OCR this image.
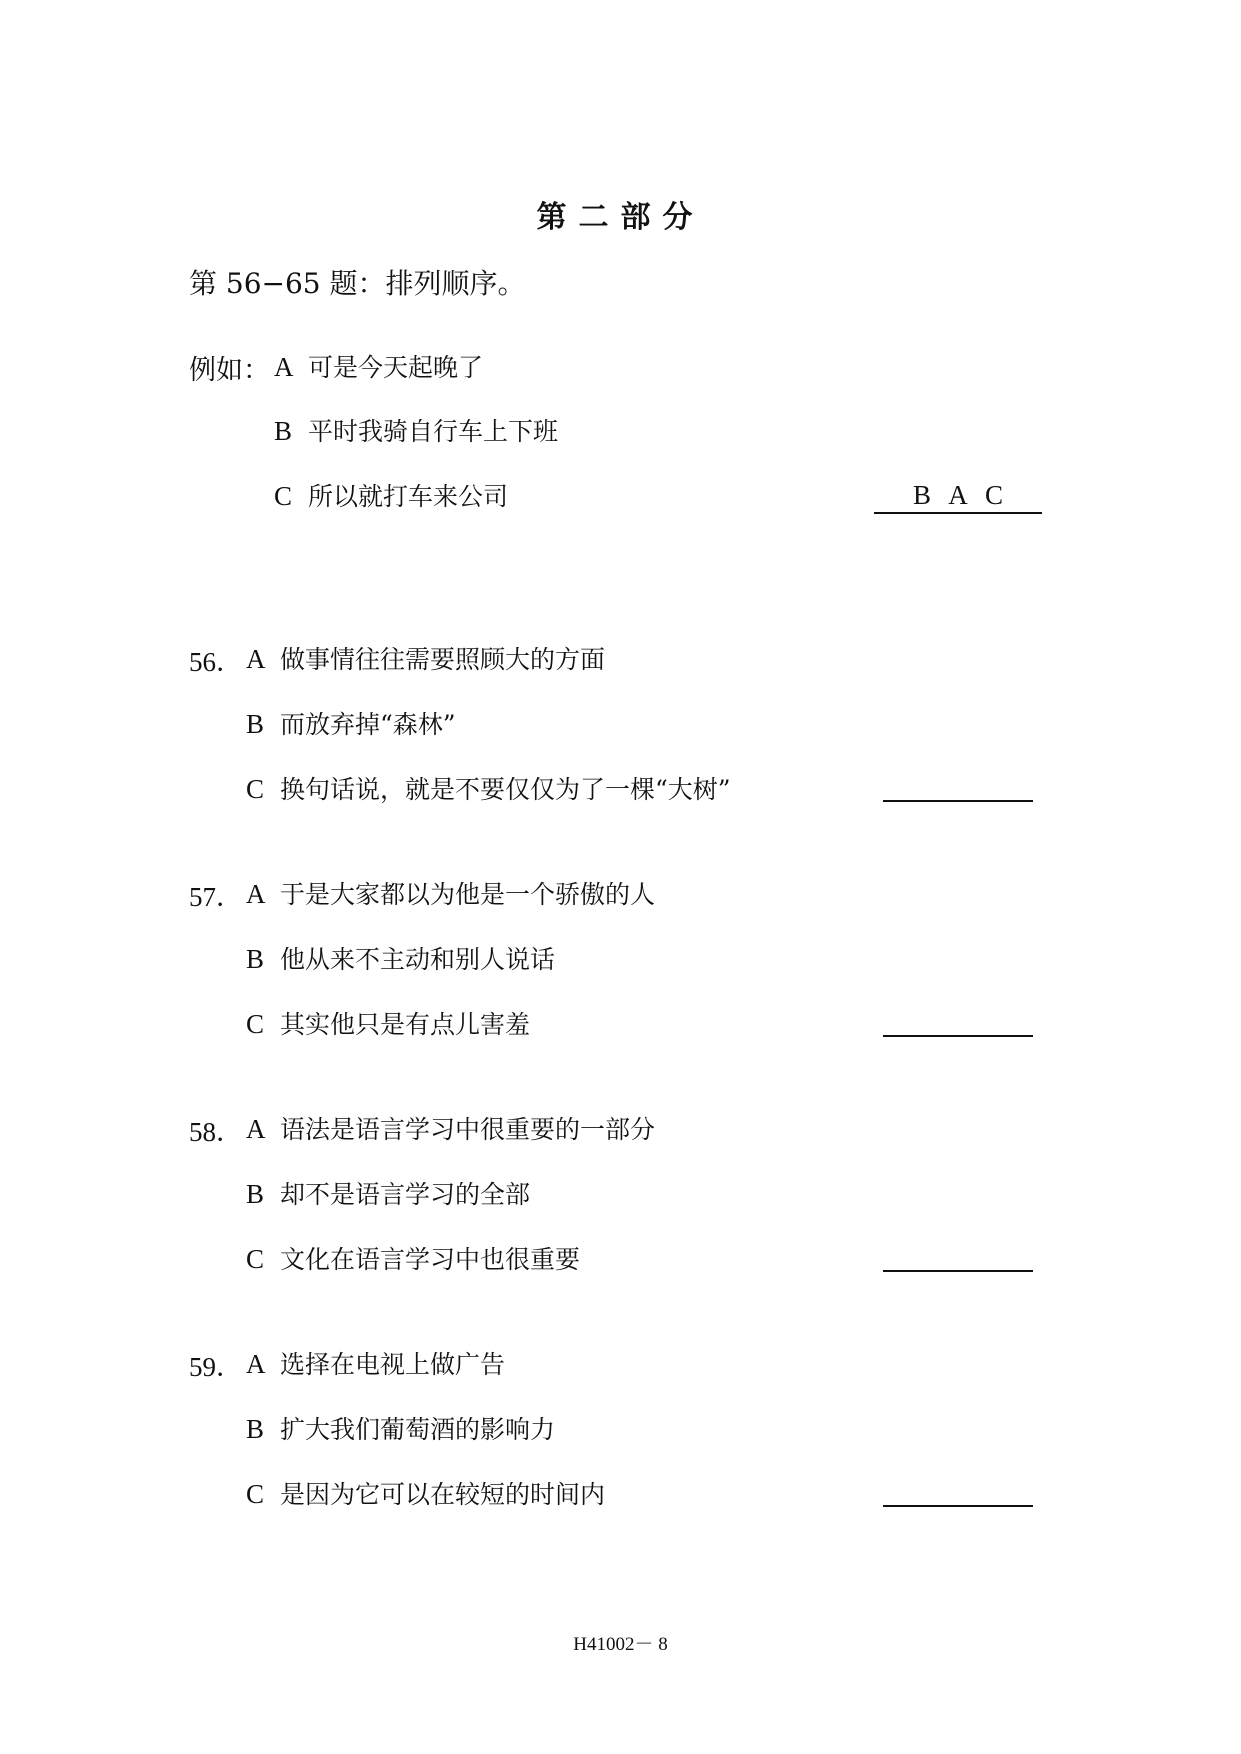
第二部分
第 56−65 题：排列顺序。
例如： A 可是今天起晚了
B 平时我骑自行车上下班
C 所以就打车来公司	B A C
56． A 做事情往往需要照顾大的方面
B 而放弃掉“森林”
C 换句话说，就是不要仅仅为了一棵“大树”
57． A 于是大家都以为他是一个骄傲的人
B 他从来不主动和别人说话
C 其实他只是有点儿害羞
58． A 语法是语言学习中很重要的一部分
B 却不是语言学习的全部
C 文化在语言学习中也很重要
59． A 选择在电视上做广告
B 扩大我们葡萄酒的影响力
C 是因为它可以在较短的时间内
H41002－ 8
